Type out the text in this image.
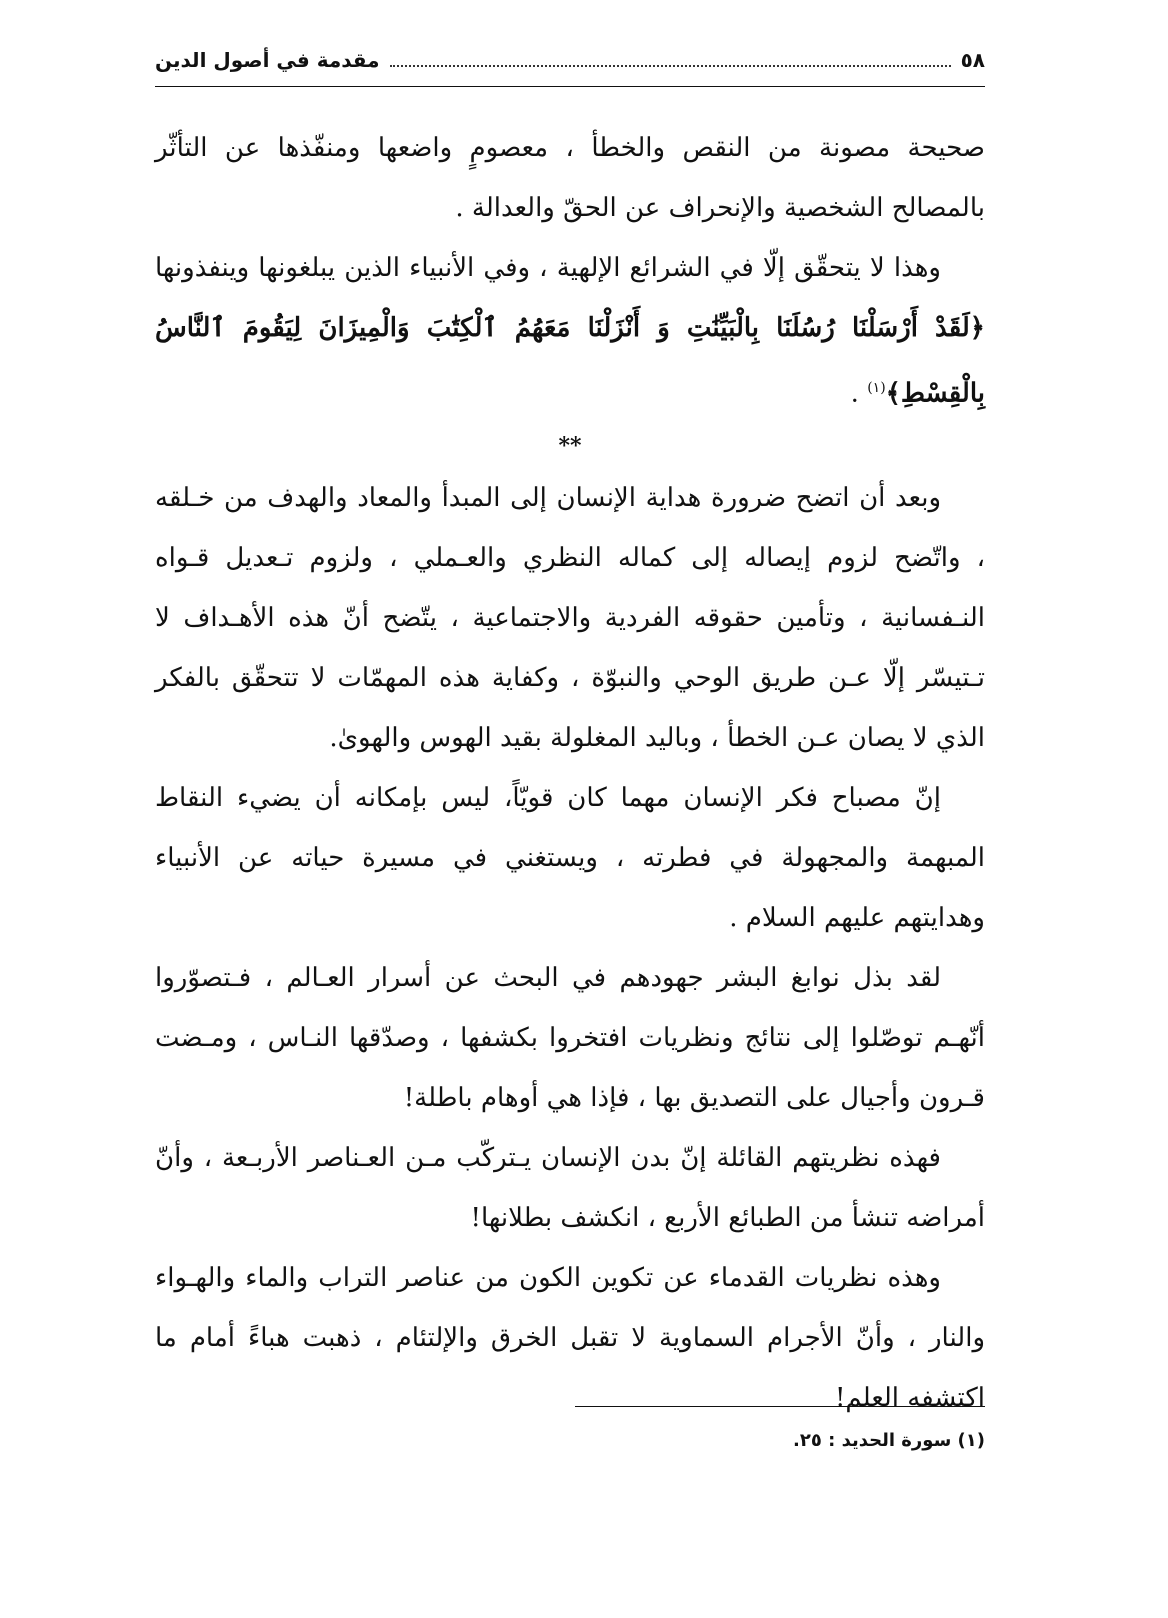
٥٨
مقدمة في أصول الدين

صحيحة مصونة من النقص والخطأ ، معصومٍ واضعها ومنفّذها عن التأثّر بالمصالح الشخصية والإنحراف عن الحقّ والعدالة .

وهذا لا يتحقّق إلّا في الشرائع الإلهية ، وفي الأنبياء الذين يبلغونها وينفذونها ﴿لَقَدْ أَرْسَلْنَا رُسُلَنَا بِالْبَيِّنَٰتِ وَ أَنْزَلْنَا مَعَهُمُ ٱلْكِتَٰبَ وَالْمِيزَانَ لِيَقُومَ ٱلنَّاسُ بِالْقِسْطِ﴾$^{(١)}$ .

**

وبعد أن اتضح ضرورة هداية الإنسان إلى المبدأ والمعاد والهدف من خـلقه ، واتّضح لزوم إيصاله إلى كماله النظري والعـملي ، ولزوم تـعديل قـواه النـفسانية ، وتأمين حقوقه الفردية والاجتماعية ، يتّضح أنّ هذه الأهـداف لا تـتيسّر إلّا عـن طريق الوحي والنبوّة ، وكفاية هذه المهمّات لا تتحقّق بالفكر الذي لا يصان عـن الخطأ ، وباليد المغلولة بقيد الهوس والهوىٰ.

إنّ مصباح فكر الإنسان مهما كان قويّاً، ليس بإمكانه أن يضيء النقاط المبهمة والمجهولة في فطرته ، ويستغني في مسيرة حياته عن الأنبياء وهدايتهم عليهم السلام .

لقد بذل نوابغ البشر جهودهم في البحث عن أسرار العـالم ، فـتصوّروا أنّهـم توصّلوا إلى نتائج ونظريات افتخروا بكشفها ، وصدّقها النـاس ، ومـضت قـرون وأجيال على التصديق بها ، فإذا هي أوهام باطلة!

فهذه نظريتهم القائلة إنّ بدن الإنسان يـتركّب مـن العـناصر الأربـعة ، وأنّ أمراضه تنشأ من الطبائع الأربع ، انكشف بطلانها!

وهذه نظريات القدماء عن تكوين الكون من عناصر التراب والماء والهـواء والنار ، وأنّ الأجرام السماوية لا تقبل الخرق والإلتئام ، ذهبت هباءً أمام ما اكتشفه العلم!

(١) سورة الحديد : ٢٥.
